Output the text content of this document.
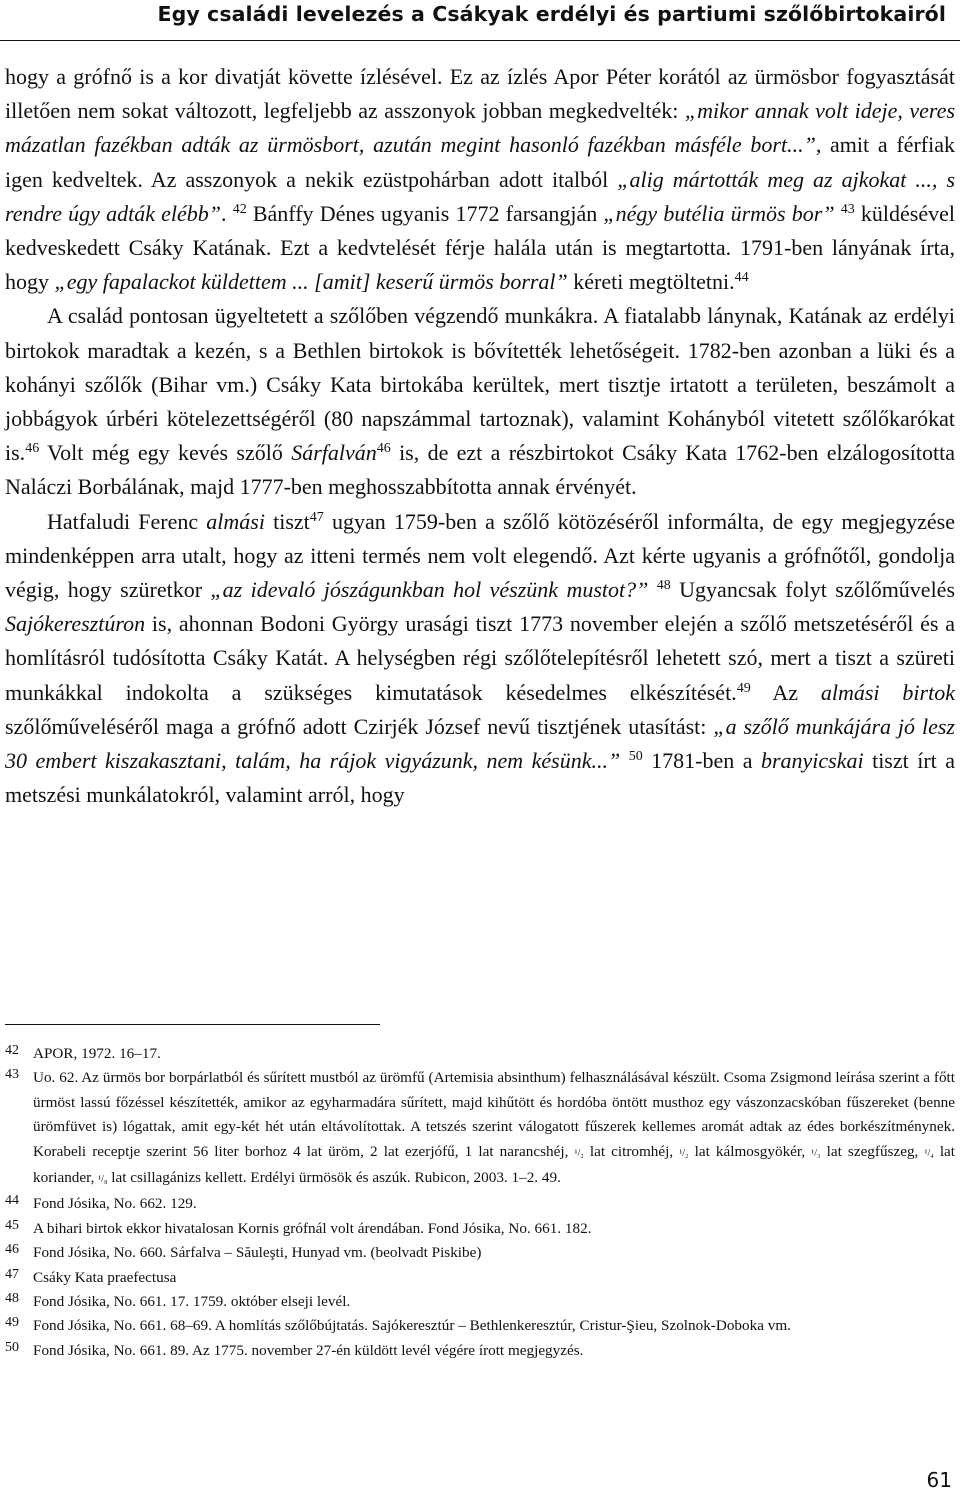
Egy családi levelezés a Csákyak erdélyi és partiumi szőlőbirtokairól

hogy a grófnő is a kor divatját követte ízlésével. Ez az ízlés Apor Péter korától az ürmösbor fogyasztását illetően nem sokat változott, legfeljebb az asszonyok jobban megkedvelték: „mikor annak volt ideje, veres mázatlan fazékban adták az ürmösbort, azután megint hasonló fazékban másféle bort...”, amit a férfiak igen kedveltek. Az asszonyok a nekik ezüstpohárban adott italból „alig mártották meg az ajkokat ..., s rendre úgy adták elébb”. $^{42}$ Bánffy Dénes ugyanis 1772 farsangján „négy butélia ürmös bor” $^{43}$ küldésével kedveskedett Csáky Katának. Ezt a kedvtelését férje halála után is megtartotta. 1791-ben lányának írta, hogy „egy fapalackot küldettem ... [amit] keserű ürmös borral” kéreti megtöltetni.$^{44}$

A család pontosan ügyeltetett a szőlőben végzendő munkákra. A fiatalabb lánynak, Katának az erdélyi birtokok maradtak a kezén, s a Bethlen birtokok is bővítették lehetőségeit. 1782-ben azonban a lüki és a kohányi szőlők (Bihar vm.) Csáky Kata birtokába kerültek, mert tisztje irtatott a területen, beszámolt a jobbágyok úrbéri kötelezettségéről (80 napszámmal tartoznak), valamint Kohányból vitetett szőlőkarókat is.$^{46}$ Volt még egy kevés szőlő Sárfalván$^{46}$ is, de ezt a részbirtokot Csáky Kata 1762-ben elzálogosította Naláczi Borbálának, majd 1777-ben meghosszabbította annak érvényét.

Hatfaludi Ferenc almási tiszt$^{47}$ ugyan 1759-ben a szőlő kötözéséről informálta, de egy megjegyzése mindenképpen arra utalt, hogy az itteni termés nem volt elegendő. Azt kérte ugyanis a grófnőtől, gondolja végig, hogy szüretkor „az idevaló jószágunkban hol vészünk mustot?” $^{48}$ Ugyancsak folyt szőlőművelés Sajókeresztúron is, ahonnan Bodoni György urasági tiszt 1773 november elején a szőlő metszetéséről és a homlításról tudósította Csáky Katát. A helységben régi szőlőtelepítésről lehetett szó, mert a tiszt a szüreti munkákkal indokolta a szükséges kimutatások késedelmes elkészítését.$^{49}$ Az almási birtok szőlőműveléséről maga a grófnő adott Czirjék József nevű tisztjének utasítást: „a szőlő munkájára jó lesz 30 embert kiszakasztani, talám, ha rájok vigyázunk, nem késünk...” $^{50}$ 1781-ben a branyicskai tiszt írt a metszési munkálatokról, valamint arról, hogy

42 APOR, 1972. 16–17.
43 Uo. 62. Az ürmös bor borpárlatból és sűrített mustból az ürömfű (Artemisia absinthum) felhasználásával készült. Csoma Zsigmond leírása szerint a főtt ürmöst lassú főzéssel készítették, amikor az egyharmadára sűrített, majd kihűtött és hordóba öntött musthoz egy vászonzacskóban fűszereket (benne ürömfüvet is) lógattak, amit egy-két hét után eltávolítottak. A tetszés szerint válogatott fűszerek kellemes aromát adtak az édes borkészítménynek. Korabeli receptje szerint 56 liter borhoz 4 lat üröm, 2 lat ezerjófű, 1 lat narancshéj, ¹/₂ lat citromhéj, ¹/₂ lat kálmosgyökér, ¹/₃ lat szegfűszeg, ¹/₄ lat koriander, ¹/₈ lat csillagánizs kellett. Erdélyi ürmösök és aszúk. Rubicon, 2003. 1–2. 49.
44 Fond Jósika, No. 662. 129.
45 A bihari birtok ekkor hivatalosan Kornis grófnál volt árendában. Fond Jósika, No. 661. 182.
46 Fond Jósika, No. 660. Sárfalva – Săuleşti, Hunyad vm. (beolvadt Piskibe)
47 Csáky Kata praefectusa
48 Fond Jósika, No. 661. 17. 1759. október elseji levél.
49 Fond Jósika, No. 661. 68–69. A homlítás szőlőbújtatás. Sajókeresztúr – Bethlenkeresztúr, Cristur-Şieu, Szolnok-Doboka vm.
50 Fond Jósika, No. 661. 89. Az 1775. november 27-én küldött levél végére írott megjegyzés.
61
